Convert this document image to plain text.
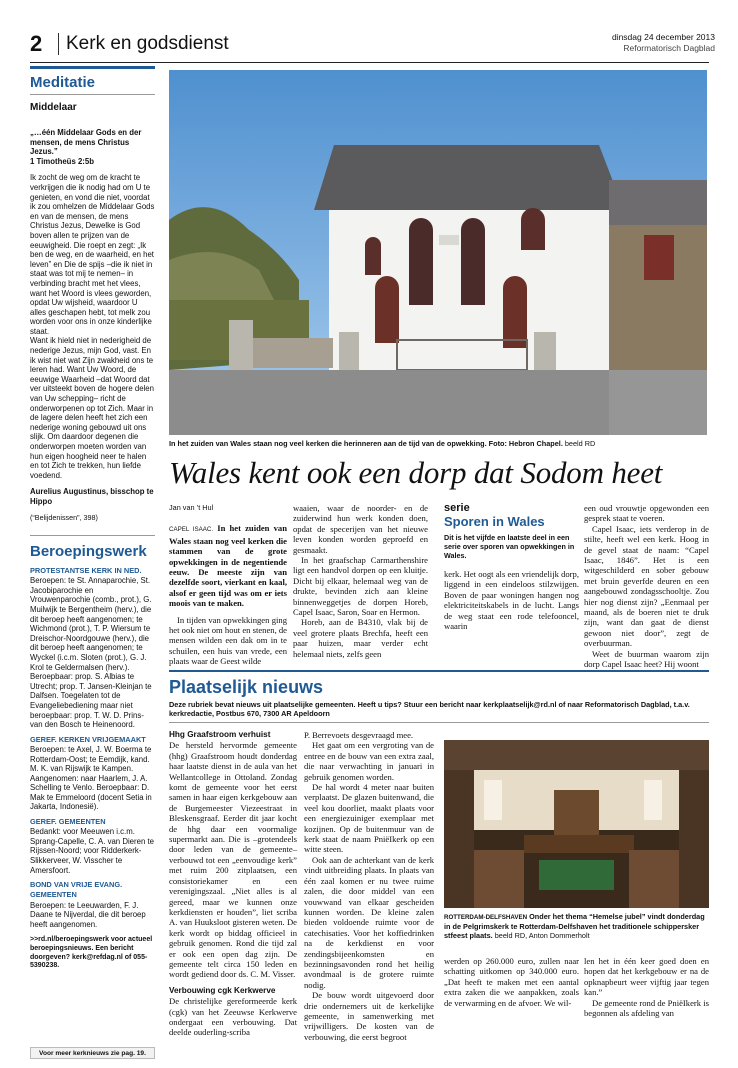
2 Kerk en godsdienst	dinsdag 24 december 2013
Reformatorisch Dagblad
Meditatie
Middelaar

„…één Middelaar Gods en der mensen, de mens Christus Jezus.”

1 Timotheüs 2:5b

Ik zocht de weg om de kracht te verkrijgen die ik nodig had om U te genieten, en vond die niet, voordat ik zou omhelzen de Middelaar Gods en van de mensen, de mens Christus Jezus, Dewelke is God boven allen te prijzen van de eeuwigheid. Die roept en zegt: „Ik ben de weg, en de waarheid, en het leven” en Die de spijs –die ik niet in staat was tot mij te nemen– in verbinding bracht met het vlees, want het Woord is vlees geworden, opdat Uw wijsheid, waardoor U alles geschapen hebt, tot melk zou worden voor ons in onze kinderlijke staat.

Want ik hield niet in nederigheid de nederige Jezus, mijn God, vast. En ik wist niet wat Zijn zwakheid ons te leren had. Want Uw Woord, de eeuwige Waarheid –dat Woord dat ver uitsteekt boven de hogere delen van Uw schepping– richt de onderworpenen op tot Zich. Maar in de lagere delen heeft het zich een nederige woning gebouwd uit ons slijk. Om daardoor degenen die onderworpen moeten worden van hun eigen hoogheid neer te halen en tot Zich te trekken, hun liefde voedend.

Aurelius Augustinus, bisschop te Hippo

(“Belijdenissen”, 398)

Beroepingswerk

PROTESTANTSE KERK IN NED.

Beroepen: te St. Annaparochie, St. Jacobiparochie en Vrouwenparochie (comb., prot.), G. Muilwijk te Bergentheim (herv.), die dit beroep heeft aangenomen; te Wichmond (prot.), T. P. Wiersum te Dreischor-Noordgouwe (herv.), die dit beroep heeft aangenomen; te Wyckel (i.c.m. Sloten (prot.), G. J. Krol te Geldermalsen (herv.). Beroepbaar: prop. S. Albias te Utrecht; prop. T. Jansen-Kleinjan te Dalfsen. Toegelaten tot de Evangeliebediening maar niet beroepbaar: prop. T. W. D. Prins-van den Bosch te Heinenoord.

GEREF. KERKEN VRIJGEMAAKT

Beroepen: te Axel, J. W. Boerma te Rotterdam-Oost; te Eemdijk, kand. M. K. van Rijswijk te Kampen. Aangenomen: naar Haarlem, J. A. Schelling te Venlo. Beroepbaar: D. Mak te Emmeloord (docent Setia in Jakarta, Indonesië).

GEREF. GEMEENTEN

Bedankt: voor Meeuwen i.c.m. Sprang-Capelle, C. A. van Dieren te Rijssen-Noord; voor Ridderkerk-Slikkerveer, W. Visscher te Amersfoort.

BOND VAN VRIJE EVANG. GEMEENTEN

Beroepen: te Leeuwarden, F. J. Daane te Nijverdal, die dit beroep heeft aangenomen.

>>rd.nl/beroepingswerk voor actueel beroepingsnieuws. Een bericht doorgeven? kerk@refdag.nl of 055-5390238.

Voor meer kerknieuws zie pag. 19.
In het zuiden van Wales staan nog veel kerken die herinneren aan de tijd van de opwekking. Foto: Hebron Chapel. beeld RD
Wales kent ook een dorp dat Sodom heet

Jan van ’t Hul

CAPEL ISAAC. In het zuiden van Wales staan nog veel kerken die stammen van de grote opwekkingen in de negentiende eeuw. De meeste zijn van dezelfde soort, vierkant en kaal, alsof er geen tijd was om er iets moois van te maken.

In tijden van opwekkingen ging het ook niet om hout en stenen, de mensen wilden een dak om in te schuilen, een huis van vrede, een plaats waar de Geest wilde

waaien, waar de noorder- en de zuiderwind hun werk konden doen, opdat de specerijen van het nieuwe leven konden worden geproefd en gesmaakt.

In het graafschap Carmarthenshire ligt een handvol dorpen op een kluitje. Dicht bij elkaar, helemaal weg van de drukte, bevinden zich aan kleine binnenweggetjes de dorpen Horeb, Capel Isaac, Saron, Soar en Hermon.

Horeb, aan de B4310, vlak bij de veel grotere plaats Brechfa, heeft een paar huizen, maar verder echt helemaal niets, zelfs geen

serie
Sporen in Wales
Dit is het vijfde en laatste deel in een serie over sporen van opwekkingen in Wales.

kerk. Het oogt als een vriendelijk dorp, liggend in een eindeloos stilzwijgen. Boven de paar woningen hangen nog elektriciteitskabels in de lucht. Langs de weg staat een rode telefooncel, waarin

een oud vrouwtje opgewonden een gesprek staat te voeren.

Capel Isaac, iets verderop in de stilte, heeft wel een kerk. Hoog in de gevel staat de naam: “Capel Isaac, 1846”. Het is een witgeschilderd en sober gebouw met bruin geverfde deuren en een aangebouwd zondagsschooltje. Zou hier nog dienst zijn? „Eenmaal per maand, als de boeren niet te druk zijn, want dan gaat de dienst gewoon niet door”, zegt de overbuurman.

Weet de buurman waarom zijn dorp Capel Isaac heet? Hij woont

Plaatselijk nieuws
Deze rubriek bevat nieuws uit plaatselijke gemeenten. Heeft u tips? Stuur een bericht naar kerkplaatselijk@rd.nl of naar Reformatorisch Dagblad, t.a.v. kerkredactie, Postbus 670, 7300 AR Apeldoorn

Hhg Graafstroom verhuist

De hersteld hervormde gemeente (hhg) Graafstroom houdt donderdag haar laatste dienst in de aula van het Wellantcollege in Ottoland. Zondag komt de gemeente voor het eerst samen in haar eigen kerkgebouw aan de Burgemeester Viezeestraat in Bleskensgraaf. Eerder dit jaar kocht de hhg daar een voormalige supermarkt aan. Die is –grotendeels door leden van de gemeente– verbouwd tot een „eenvoudige kerk” met ruim 200 zitplaatsen, een consistoriekamer en een verenigingszaal. „Niet alles is al gereed, maar we kunnen onze kerkdiensten er houden”, liet scriba A. van Huuksloot gisteren weten. De kerk wordt op biddag officieel in gebruik genomen. Rond die tijd zal er ook een open dag zijn. De gemeente telt circa 150 leden en wordt gediend door ds. C. M. Visser.

Verbouwing cgk Kerkwerve

De christelijke gereformeerde kerk (cgk) van het Zeeuwse Kerkwerve ondergaat een verbouwing. Dat deelde ouderling-scriba

P. Berrevoets desgevraagd mee.

Het gaat om een vergroting van de entree en de bouw van een extra zaal, die naar verwachting in januari in gebruik genomen worden.

De hal wordt 4 meter naar buiten verplaatst. De glazen buitenwand, die veel kou doorliet, maakt plaats voor een energiezuiniger exemplaar met kozijnen. Op de buitenmuur van de kerk staat de naam PniëIkerk op een witte steen.

Ook aan de achterkant van de kerk vindt uitbreiding plaats. In plaats van één zaal komen er nu twee ruime zalen, die door middel van een vouwwand van elkaar gescheiden kunnen worden. De kleine zalen bieden voldoende ruimte voor de catechisaties. Voor het koffiedrinken na de kerkdienst en voor zendingsbijeenkomsten en bezinningsavonden rond het heilig avondmaal is de grotere ruimte nodig.

De bouw wordt uitgevoerd door drie ondernemers uit de kerkelijke gemeente, in samenwerking met vrijwilligers. De kosten van de verbouwing, die eerst begroot

ROTTERDAM-DELFSHAVEN Onder het thema “Hemelse jubel” vindt donderdag in de Pelgrimskerk te Rotterdam-Delfshaven het traditionele schippersker stfeest plaats. beeld RD, Anton Dommerholt

werden op 260.000 euro, zullen naar schatting uitkomen op 340.000 euro. „Dat heeft te maken met een aantal extra zaken die we aanpakken, zoals de verwarming en de afvoer. We wil-

len het in één keer goed doen en hopen dat het kerkgebouw er na de opknapbeurt weer vijftig jaar tegen kan.”

De gemeente rond de PniëIkerk is begonnen als afdeling van
